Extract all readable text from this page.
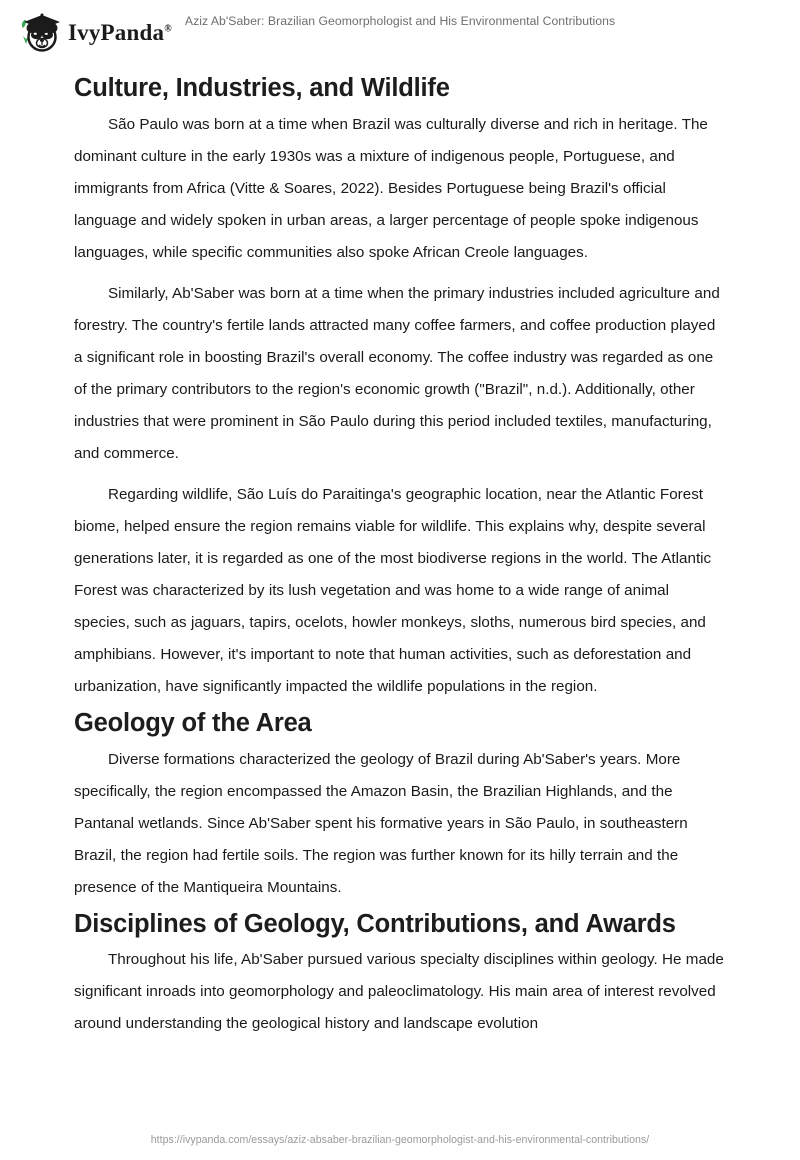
IvyPanda®
Aziz Ab'Saber: Brazilian Geomorphologist and His Environmental Contributions
Culture, Industries, and Wildlife

São Paulo was born at a time when Brazil was culturally diverse and rich in heritage. The dominant culture in the early 1930s was a mixture of indigenous people, Portuguese, and immigrants from Africa (Vitte & Soares, 2022). Besides Portuguese being Brazil's official language and widely spoken in urban areas, a larger percentage of people spoke indigenous languages, while specific communities also spoke African Creole languages.

Similarly, Ab'Saber was born at a time when the primary industries included agriculture and forestry. The country's fertile lands attracted many coffee farmers, and coffee production played a significant role in boosting Brazil's overall economy. The coffee industry was regarded as one of the primary contributors to the region's economic growth ("Brazil", n.d.). Additionally, other industries that were prominent in São Paulo during this period included textiles, manufacturing, and commerce.

Regarding wildlife, São Luís do Paraitinga's geographic location, near the Atlantic Forest biome, helped ensure the region remains viable for wildlife. This explains why, despite several generations later, it is regarded as one of the most biodiverse regions in the world. The Atlantic Forest was characterized by its lush vegetation and was home to a wide range of animal species, such as jaguars, tapirs, ocelots, howler monkeys, sloths, numerous bird species, and amphibians. However, it's important to note that human activities, such as deforestation and urbanization, have significantly impacted the wildlife populations in the region.

Geology of the Area

Diverse formations characterized the geology of Brazil during Ab'Saber's years. More specifically, the region encompassed the Amazon Basin, the Brazilian Highlands, and the Pantanal wetlands. Since Ab'Saber spent his formative years in São Paulo, in southeastern Brazil, the region had fertile soils. The region was further known for its hilly terrain and the presence of the Mantiqueira Mountains.

Disciplines of Geology, Contributions, and Awards

Throughout his life, Ab'Saber pursued various specialty disciplines within geology. He made significant inroads into geomorphology and paleoclimatology. His main area of interest revolved around understanding the geological history and landscape evolution

https://ivypanda.com/essays/aziz-absaber-brazilian-geomorphologist-and-his-environmental-contributions/
